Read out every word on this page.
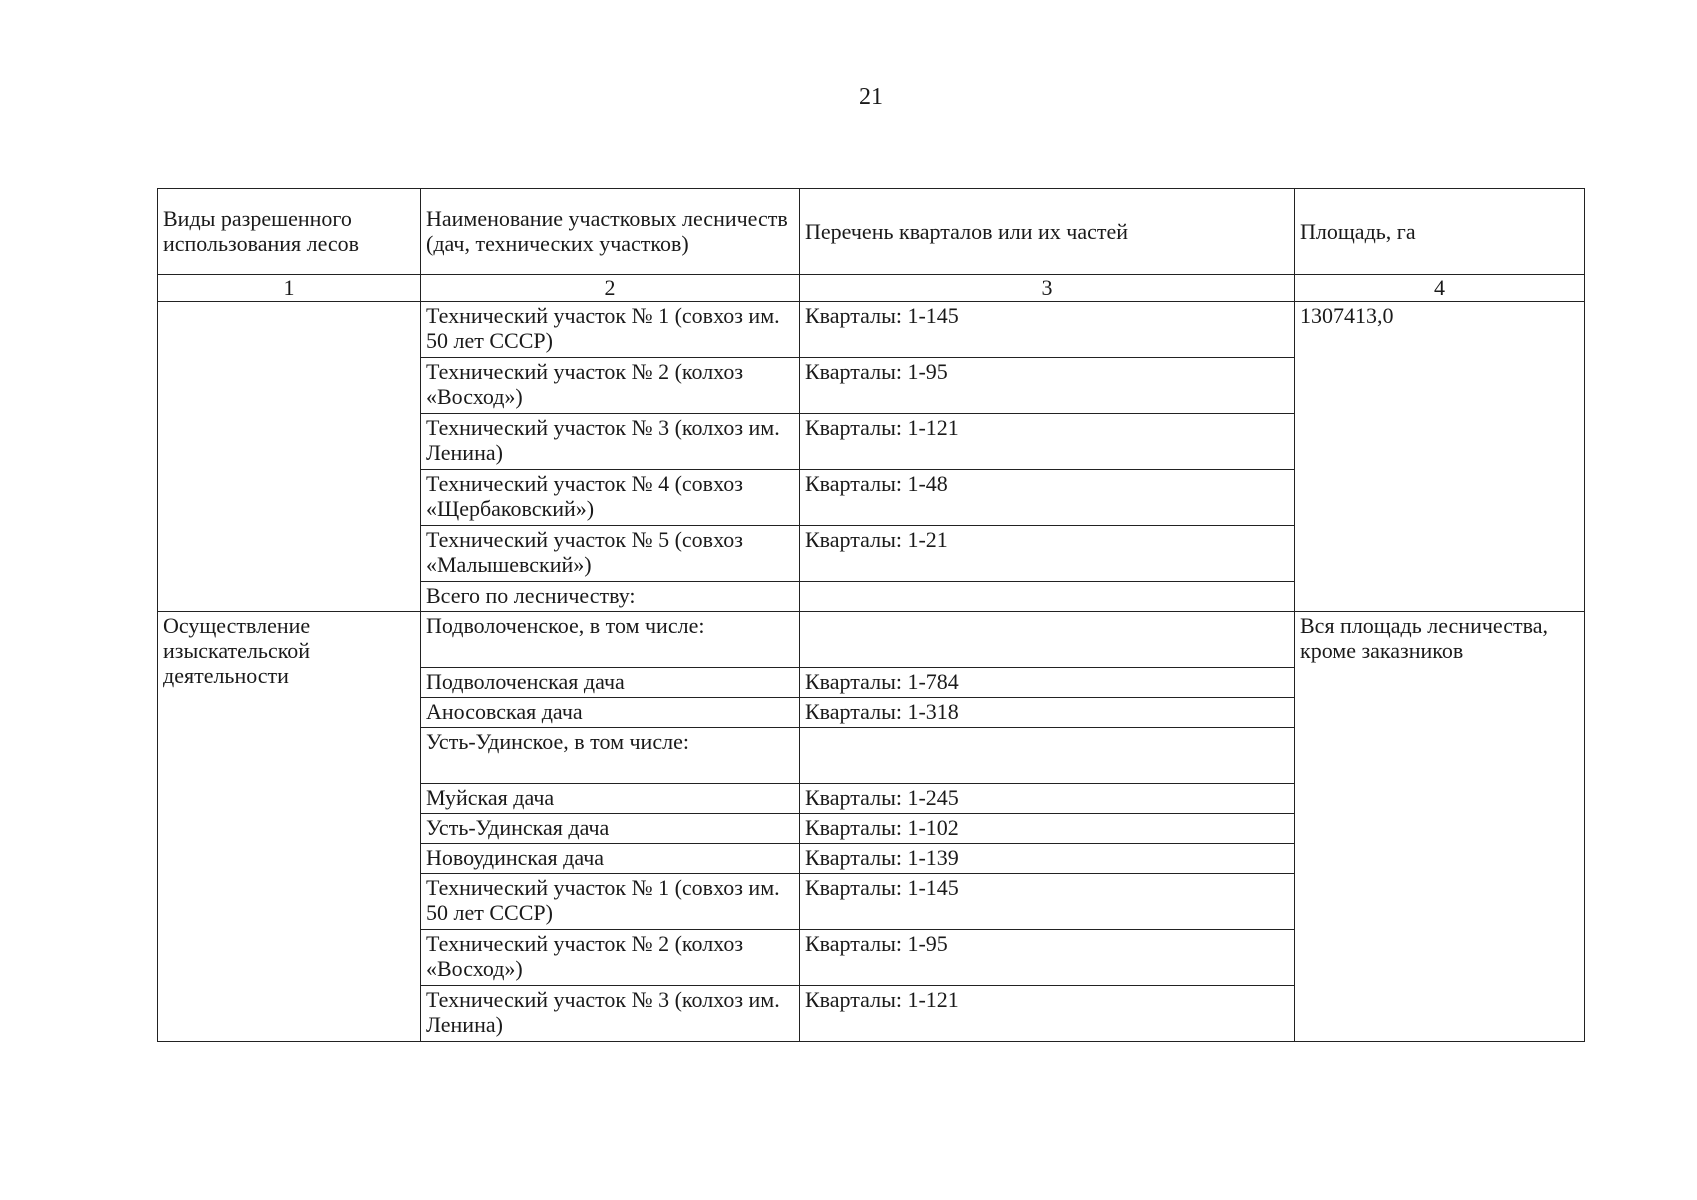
21
Виды разрешенного использования лесов	Наименование участковых лесничеств (дач, технических участков)	Перечень кварталов или их частей	Площадь, га
1	2	3	4
	Технический участок № 1 (совхоз им. 50 лет СССР)	Кварталы: 1-145	1307413,0
	Технический участок № 2 (колхоз «Восход»)	Кварталы: 1-95	
	Технический участок № 3 (колхоз им. Ленина)	Кварталы: 1-121	
	Технический участок № 4 (совхоз «Щербаковский»)	Кварталы: 1-48	
	Технический участок № 5 (совхоз «Малышевский»)	Кварталы: 1-21	
	Всего по лесничеству:		
Осуществление изыскательской деятельности	Подволоченское, в том числе:		Вся площадь лесничества, кроме заказников
	Подволоченская дача	Кварталы: 1-784	
	Аносовская дача	Кварталы: 1-318	
	Усть-Удинское, в том числе:		
	Муйская дача	Кварталы: 1-245	
	Усть-Удинская дача	Кварталы: 1-102	
	Новоудинская дача	Кварталы: 1-139	
	Технический участок № 1 (совхоз им. 50 лет СССР)	Кварталы: 1-145	
	Технический участок № 2 (колхоз «Восход»)	Кварталы: 1-95	
	Технический участок № 3 (колхоз им. Ленина)	Кварталы: 1-121	
